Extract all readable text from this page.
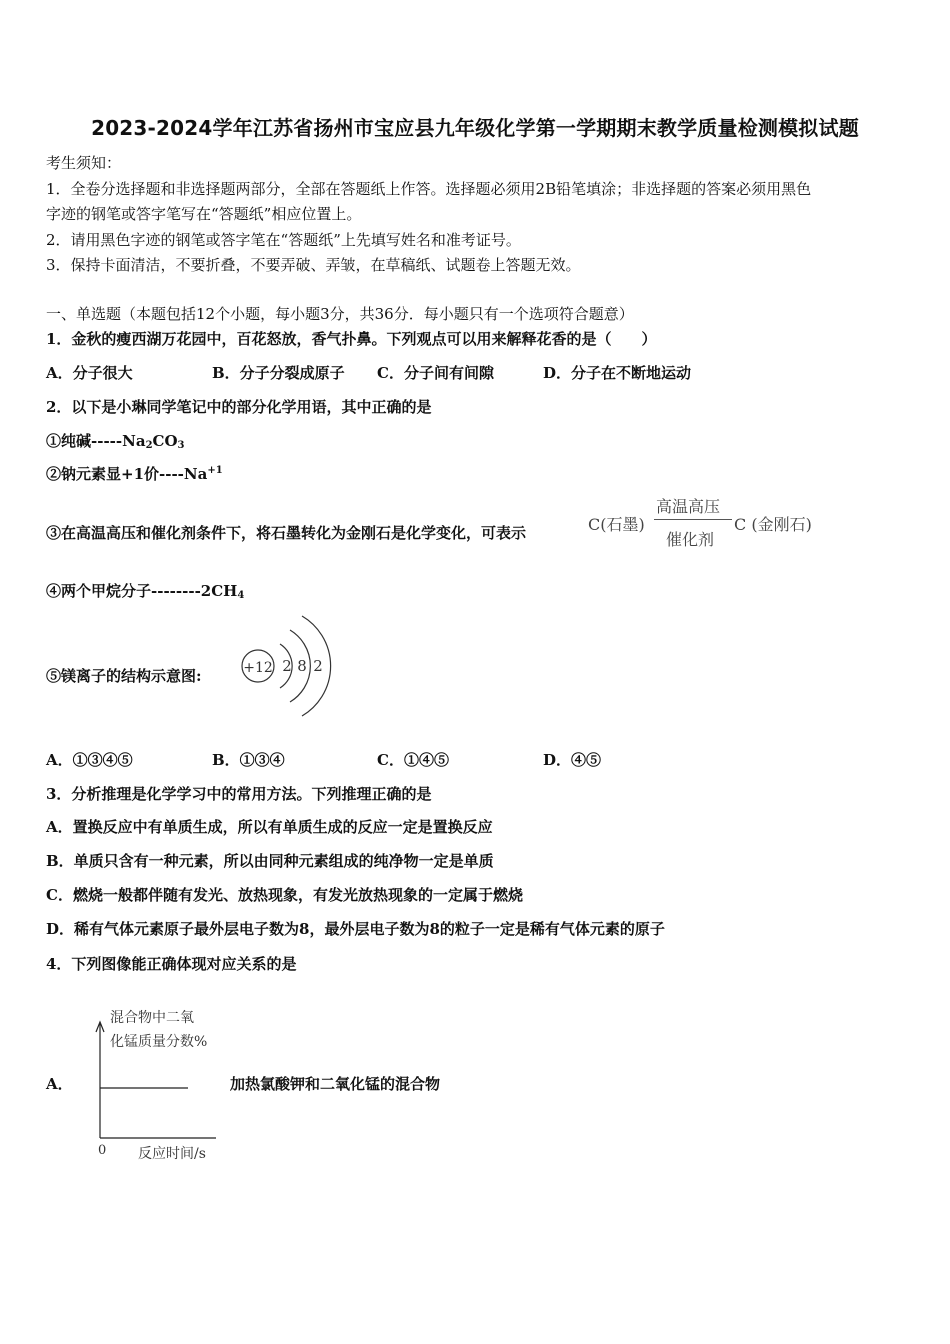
2023-2024学年江苏省扬州市宝应县九年级化学第一学期期末教学质量检测模拟试题
考生须知：
1．全卷分选择题和非选择题两部分，全部在答题纸上作答。选择题必须用2B铅笔填涂；非选择题的答案必须用黑色
字迹的钢笔或答字笔写在“答题纸”相应位置上。
2．请用黑色字迹的钢笔或答字笔在“答题纸”上先填写姓名和准考证号。
3．保持卡面清洁，不要折叠，不要弄破、弄皱，在草稿纸、试题卷上答题无效。
一、单选题（本题包括12个小题，每小题3分，共36分．每小题只有一个选项符合题意）
1．金秋的瘦西湖万花园中，百花怒放，香气扑鼻。下列观点可以用来解释花香的是（　　）
A．分子很大	B．分子分裂成原子 C．分子间有间隙	D．分子在不断地运动
2．以下是小琳同学笔记中的部分化学用语，其中正确的是
①纯碱$-----Na_2CO_3$
②钠元素显+1价$----Na^{+1}$
③在高温高压和催化剂条件下，将石墨转化为金刚石是化学变化，可表示	C(石墨)
高温高压
催化剂
C (金刚石)
④两个甲烷分子$--------2CH_4$
⑤镁离子的结构示意图:	+12 2 8 2
A．①③④⑤	B．①③④	C．①④⑤	D．④⑤
3．分析推理是化学学习中的常用方法。下列推理正确的是
A．置换反应中有单质生成，所以有单质生成的反应一定是置换反应
B．单质只含有一种元素，所以由同种元素组成的纯净物一定是单质
C．燃烧一般都伴随有发光、放热现象，有发光放热现象的一定属于燃烧
D．稀有气体元素原子最外层电子数为8，最外层电子数为8的粒子一定是稀有气体元素的原子
4．下列图像能正确体现对应关系的是
A．
混合物中二氧
化锰质量分数%
0 反应时间/s
加热氯酸钾和二氧化锰的混合物
